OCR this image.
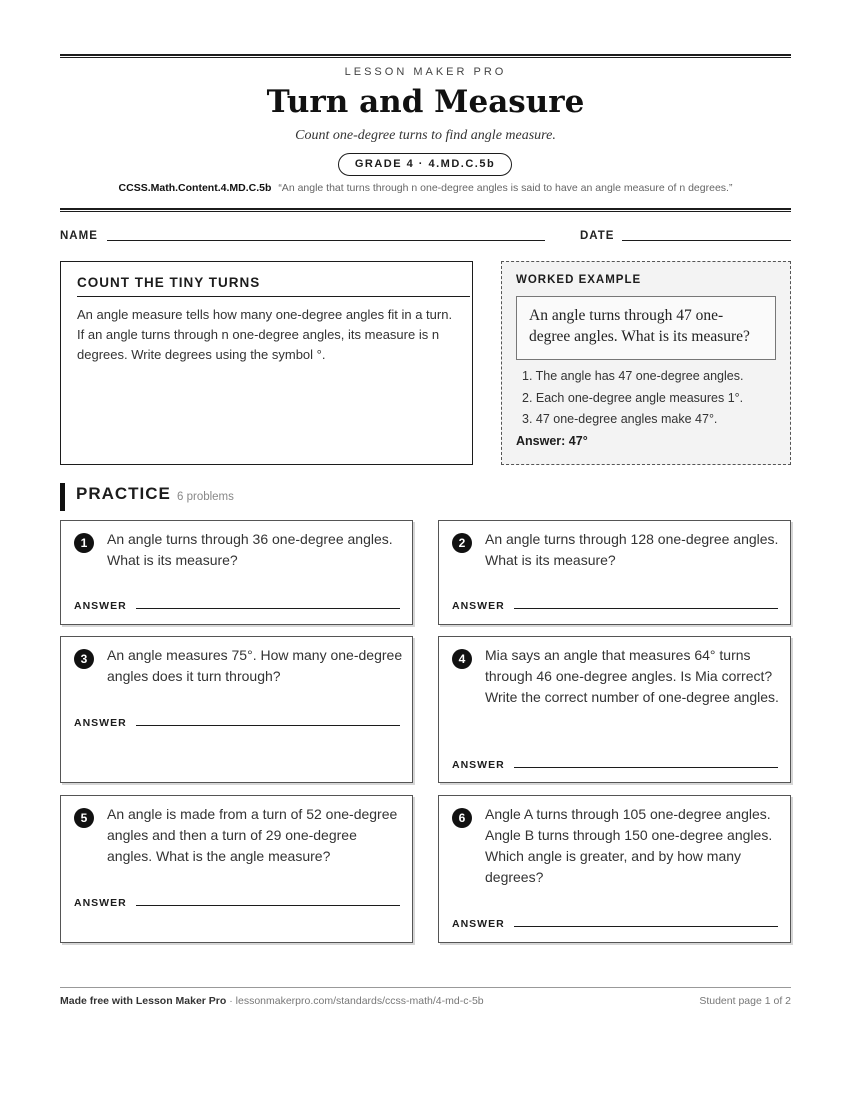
LESSON MAKER PRO
Turn and Measure
Count one-degree turns to find angle measure.
GRADE 4 · 4.MD.C.5b
CCSS.Math.Content.4.MD.C.5b “An angle that turns through n one-degree angles is said to have an angle measure of n degrees.”
NAME	DATE
COUNT THE TINY TURNS
An angle measure tells how many one-degree angles fit in a turn. If an angle turns through n one-degree angles, its measure is n degrees. Write degrees using the symbol °.
WORKED EXAMPLE
An angle turns through 47 one-degree angles. What is its measure?
1. The angle has 47 one-degree angles.
2. Each one-degree angle measures 1°.
3. 47 one-degree angles make 47°.
Answer: 47°
PRACTICE 6 problems
1	An angle turns through 36 one-degree angles. What is its measure?
ANSWER
2	An angle turns through 128 one-degree angles. What is its measure?
ANSWER
3	An angle measures 75°. How many one-degree angles does it turn through?
ANSWER
4	Mia says an angle that measures 64° turns through 46 one-degree angles. Is Mia correct? Write the correct number of one-degree angles.
ANSWER
5	An angle is made from a turn of 52 one-degree angles and then a turn of 29 one-degree angles. What is the angle measure?
ANSWER
6	Angle A turns through 105 one-degree angles. Angle B turns through 150 one-degree angles. Which angle is greater, and by how many degrees?
ANSWER
Made free with Lesson Maker Pro · lessonmakerpro.com/standards/ccss-math/4-md-c-5b	Student page 1 of 2
